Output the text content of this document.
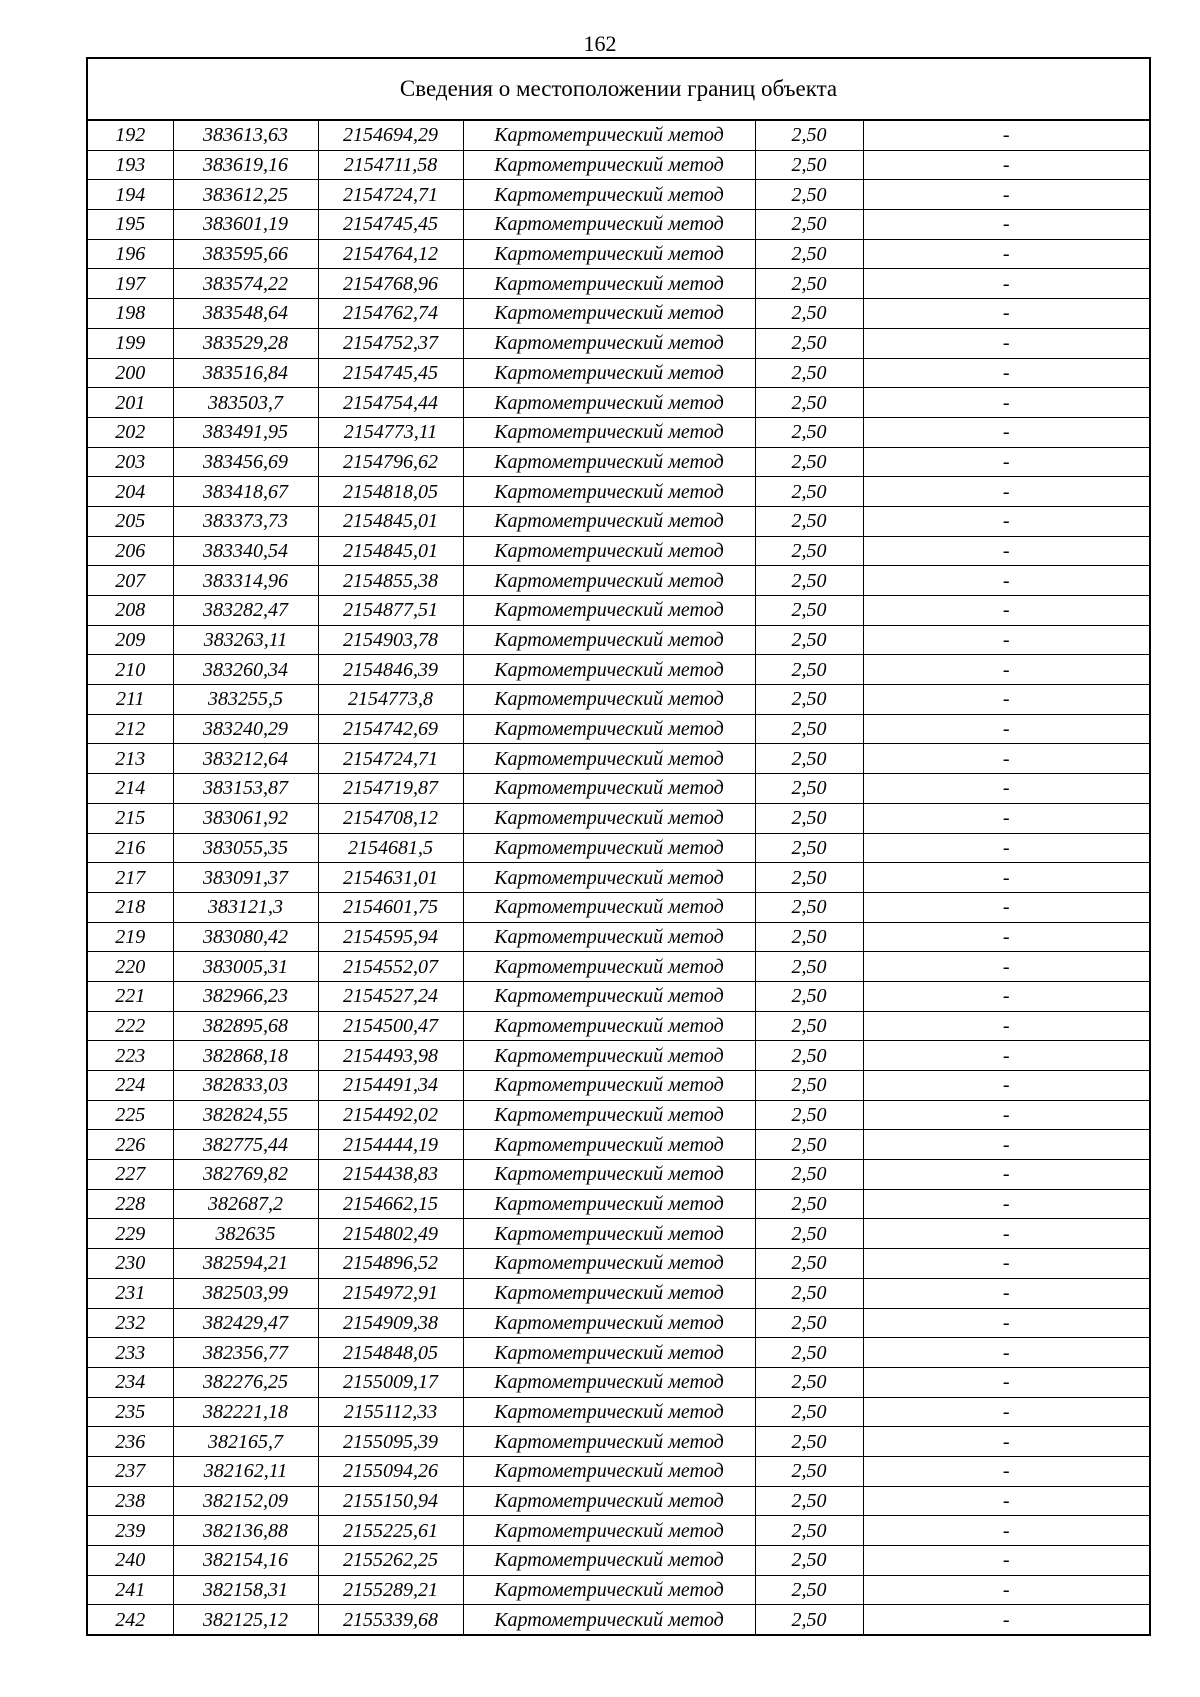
162
Сведения о местоположении границ объекта					
192	383613,63	2154694,29	Картометрический метод	2,50	-
193	383619,16	2154711,58	Картометрический метод	2,50	-
194	383612,25	2154724,71	Картометрический метод	2,50	-
195	383601,19	2154745,45	Картометрический метод	2,50	-
196	383595,66	2154764,12	Картометрический метод	2,50	-
197	383574,22	2154768,96	Картометрический метод	2,50	-
198	383548,64	2154762,74	Картометрический метод	2,50	-
199	383529,28	2154752,37	Картометрический метод	2,50	-
200	383516,84	2154745,45	Картометрический метод	2,50	-
201	383503,7	2154754,44	Картометрический метод	2,50	-
202	383491,95	2154773,11	Картометрический метод	2,50	-
203	383456,69	2154796,62	Картометрический метод	2,50	-
204	383418,67	2154818,05	Картометрический метод	2,50	-
205	383373,73	2154845,01	Картометрический метод	2,50	-
206	383340,54	2154845,01	Картометрический метод	2,50	-
207	383314,96	2154855,38	Картометрический метод	2,50	-
208	383282,47	2154877,51	Картометрический метод	2,50	-
209	383263,11	2154903,78	Картометрический метод	2,50	-
210	383260,34	2154846,39	Картометрический метод	2,50	-
211	383255,5	2154773,8	Картометрический метод	2,50	-
212	383240,29	2154742,69	Картометрический метод	2,50	-
213	383212,64	2154724,71	Картометрический метод	2,50	-
214	383153,87	2154719,87	Картометрический метод	2,50	-
215	383061,92	2154708,12	Картометрический метод	2,50	-
216	383055,35	2154681,5	Картометрический метод	2,50	-
217	383091,37	2154631,01	Картометрический метод	2,50	-
218	383121,3	2154601,75	Картометрический метод	2,50	-
219	383080,42	2154595,94	Картометрический метод	2,50	-
220	383005,31	2154552,07	Картометрический метод	2,50	-
221	382966,23	2154527,24	Картометрический метод	2,50	-
222	382895,68	2154500,47	Картометрический метод	2,50	-
223	382868,18	2154493,98	Картометрический метод	2,50	-
224	382833,03	2154491,34	Картометрический метод	2,50	-
225	382824,55	2154492,02	Картометрический метод	2,50	-
226	382775,44	2154444,19	Картометрический метод	2,50	-
227	382769,82	2154438,83	Картометрический метод	2,50	-
228	382687,2	2154662,15	Картометрический метод	2,50	-
229	382635	2154802,49	Картометрический метод	2,50	-
230	382594,21	2154896,52	Картометрический метод	2,50	-
231	382503,99	2154972,91	Картометрический метод	2,50	-
232	382429,47	2154909,38	Картометрический метод	2,50	-
233	382356,77	2154848,05	Картометрический метод	2,50	-
234	382276,25	2155009,17	Картометрический метод	2,50	-
235	382221,18	2155112,33	Картометрический метод	2,50	-
236	382165,7	2155095,39	Картометрический метод	2,50	-
237	382162,11	2155094,26	Картометрический метод	2,50	-
238	382152,09	2155150,94	Картометрический метод	2,50	-
239	382136,88	2155225,61	Картометрический метод	2,50	-
240	382154,16	2155262,25	Картометрический метод	2,50	-
241	382158,31	2155289,21	Картометрический метод	2,50	-
242	382125,12	2155339,68	Картометрический метод	2,50	-
